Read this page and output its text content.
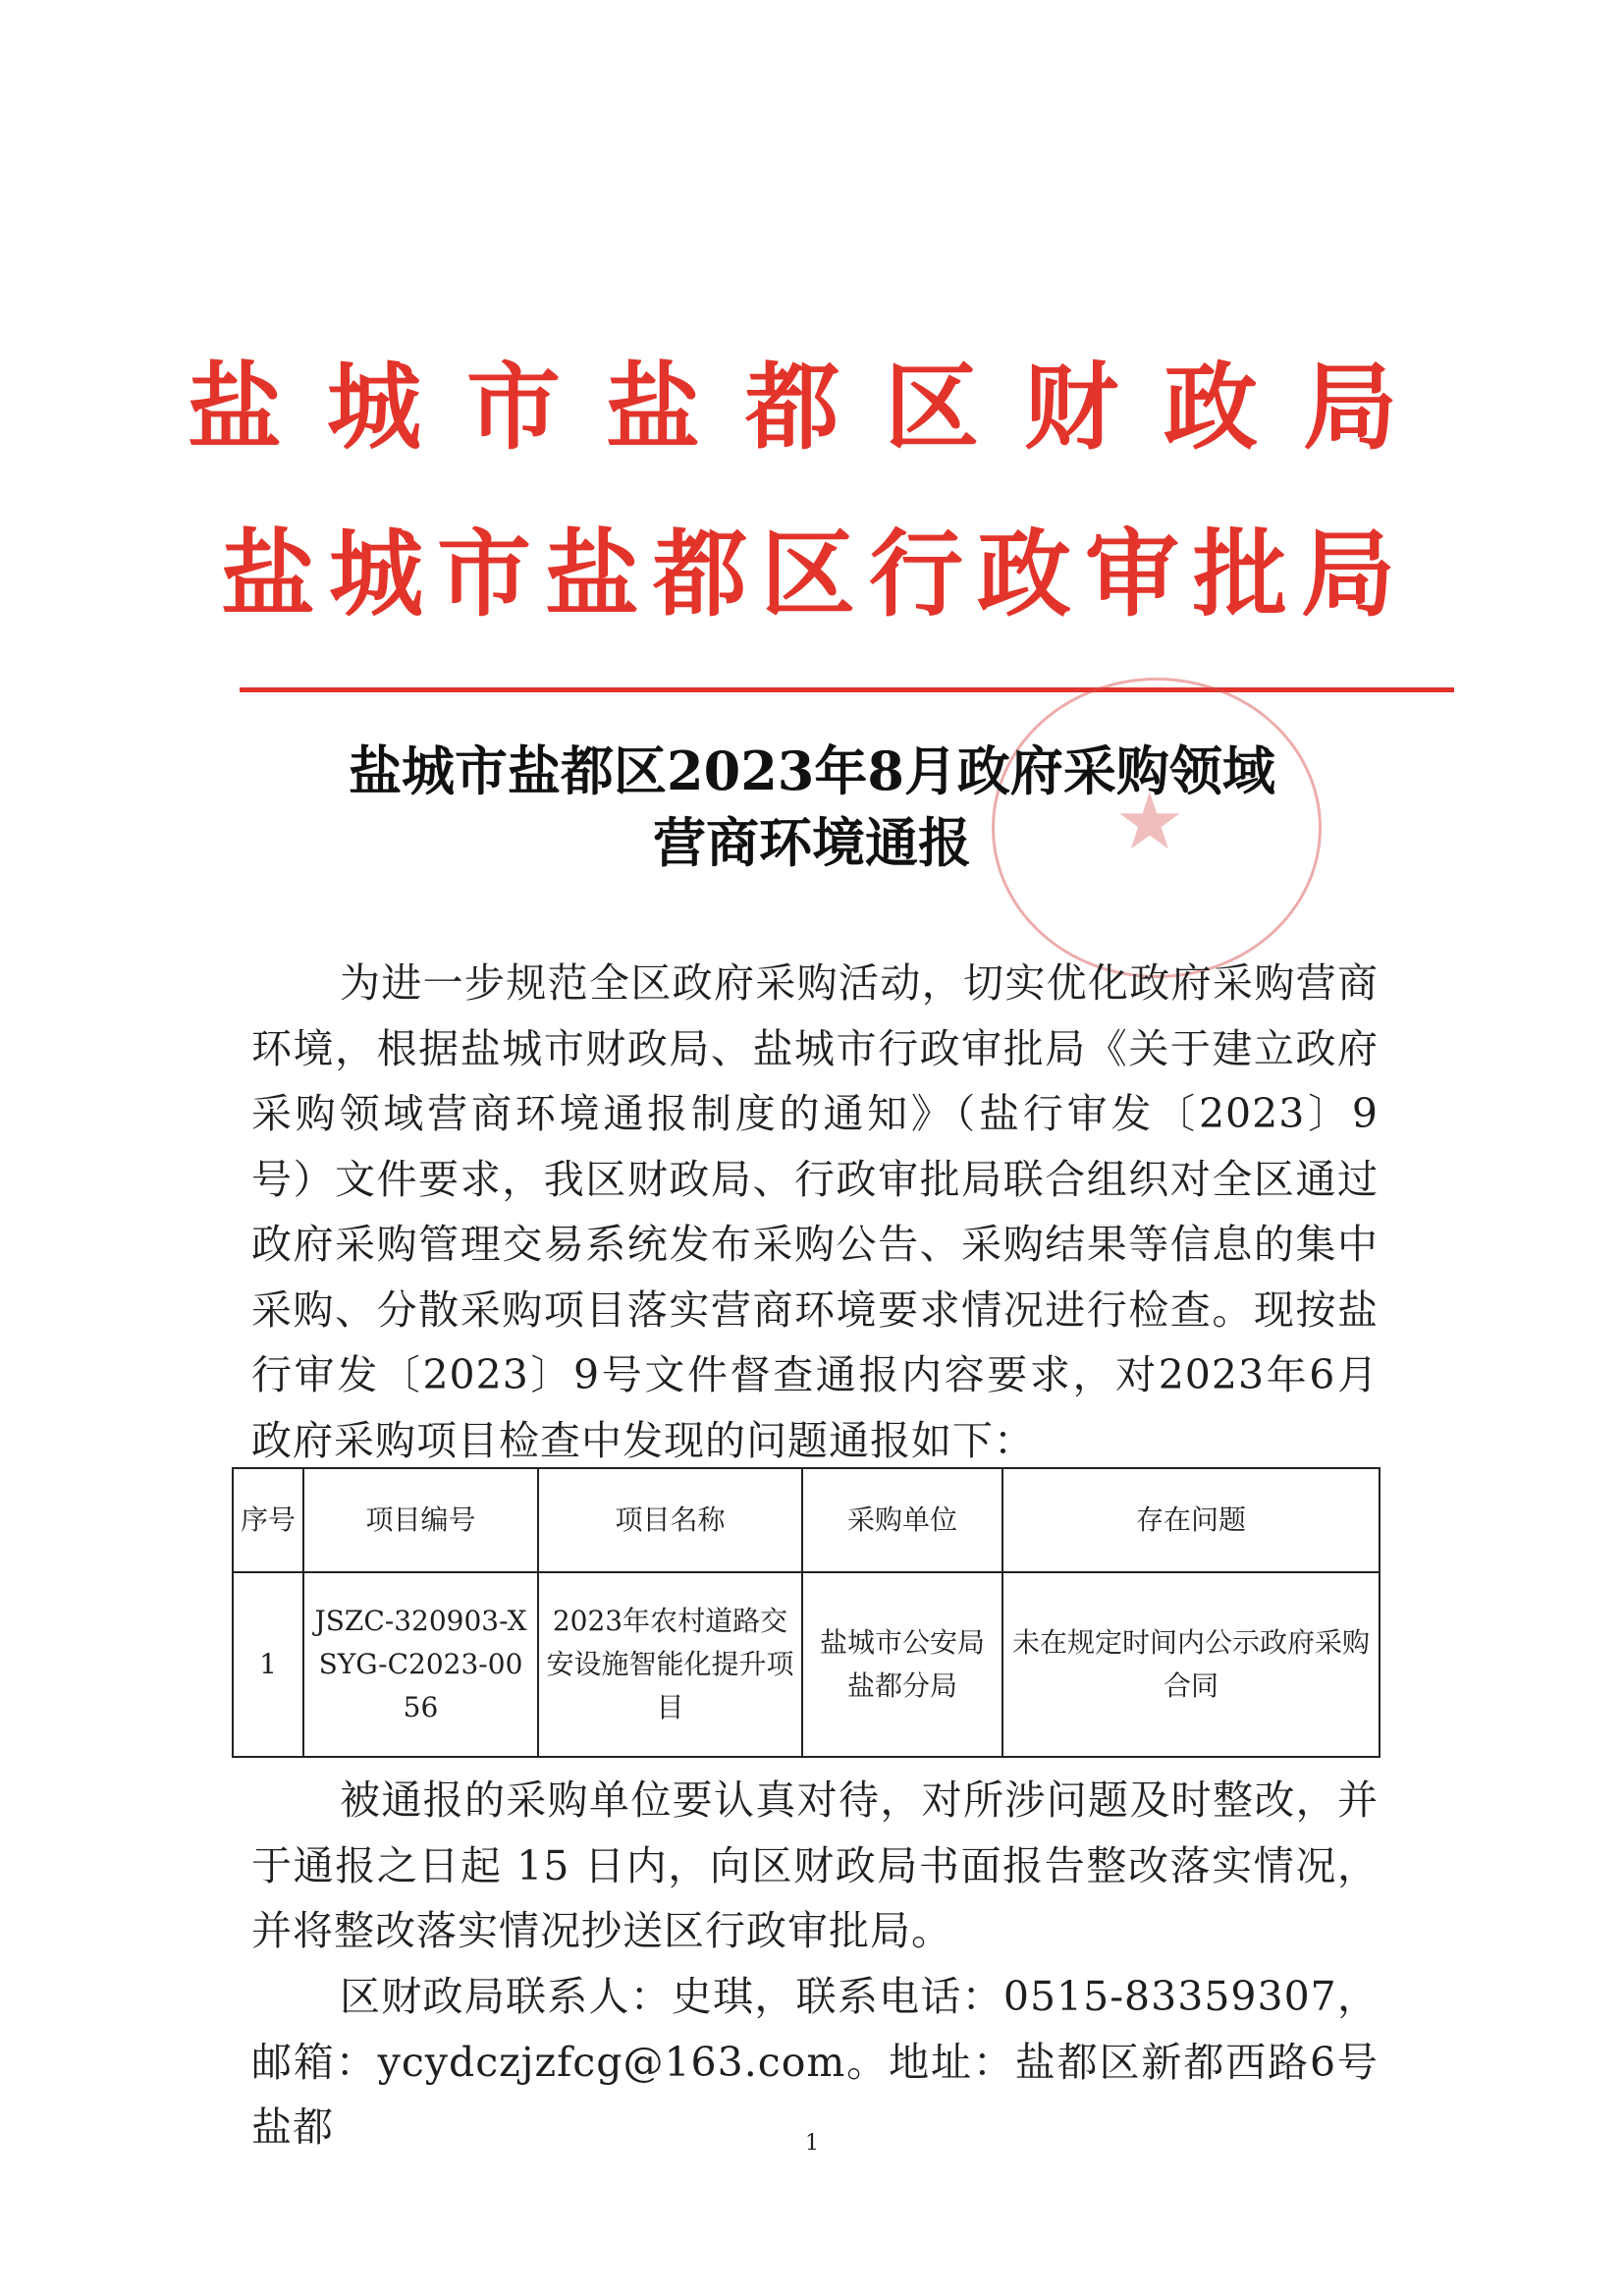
盐城市盐都区财政局
盐城市盐都区行政审批局
★
盐城市盐都区2023年8月政府采购领域
营商环境通报

为进一步规范全区政府采购活动，切实优化政府采购营商环境，根据盐城市财政局、盐城市行政审批局《关于建立政府采购领域营商环境通报制度的通知》（盐行审发〔2023〕9 号）文件要求，我区财政局、行政审批局联合组织对全区通过政府采购管理交易系统发布采购公告、采购结果等信息的集中采购、分散采购项目落实营商环境要求情况进行检查。现按盐行审发〔2023〕9号文件督查通报内容要求，对2023年6月政府采购项目检查中发现的问题通报如下：

序号	项目编号	项目名称	采购单位	存在问题
1	JSZC-320903-XSYG-C2023-0056	2023年农村道路交安设施智能化提升项目	盐城市公安局盐都分局	未在规定时间内公示政府采购合同

被通报的采购单位要认真对待，对所涉问题及时整改，并于通报之日起 15 日内，向区财政局书面报告整改落实情况，并将整改落实情况抄送区行政审批局。

区财政局联系人：史琪，联系电话：0515-83359307，邮箱：ycydczjzfcg@163.com。地址：盐都区新都西路6号盐都	1
